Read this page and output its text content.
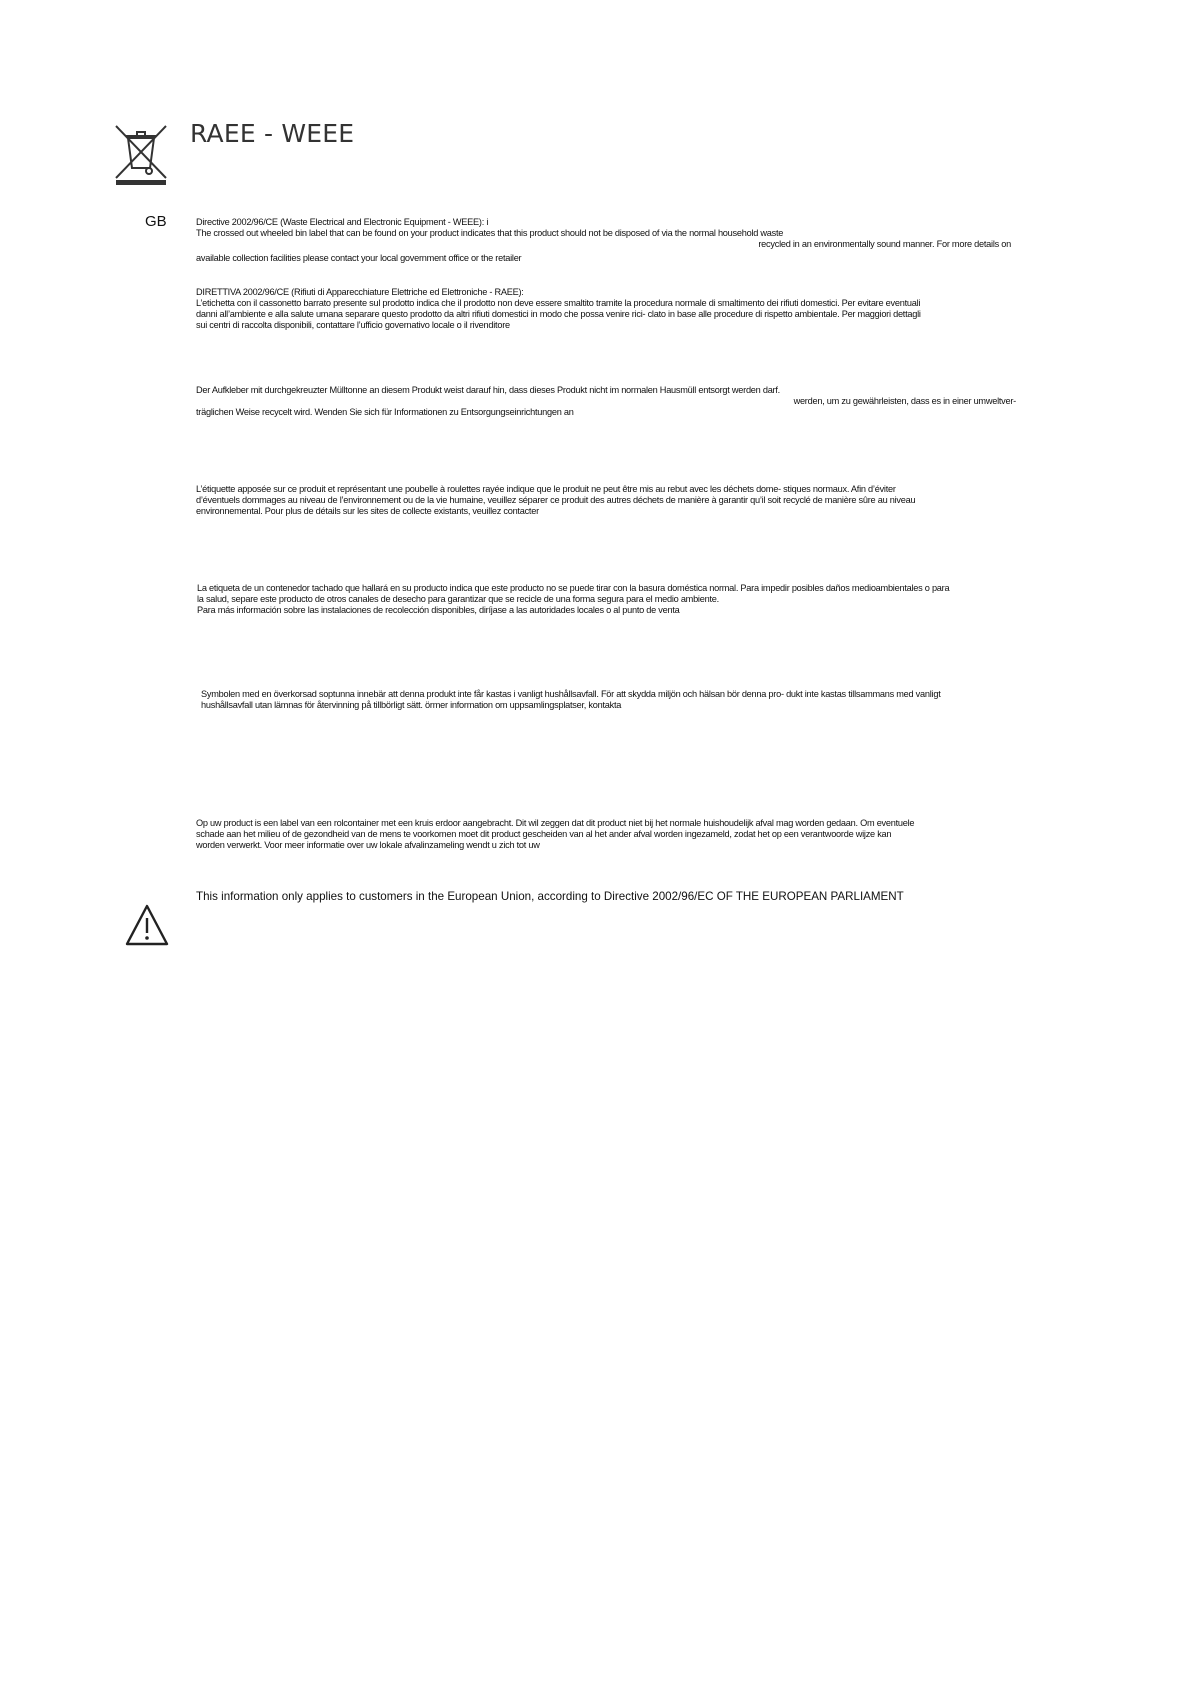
RAEE - WEEE
GB	Directive 2002/96/CE (Waste Electrical and Electronic Equipment - WEEE): i
The crossed out wheeled bin label that can be found on your product indicates that this product should not be disposed of via the normal household waste
recycled in an environmentally sound manner. For more details on
available collection facilities please contact your local government office or the retailer
DIRETTIVA 2002/96/CE (Rifiuti di Apparecchiature Elettriche ed Elettroniche - RAEE):
L’etichetta con il cassonetto barrato presente sul prodotto indica che il prodotto non deve essere smaltito tramite la procedura normale di smaltimento dei rifiuti domestici. Per evitare eventuali
danni all’ambiente e alla salute umana separare questo prodotto da altri rifiuti domestici in modo che possa venire rici- clato in base alle procedure di rispetto ambientale. Per maggiori dettagli
sui centri di raccolta disponibili, contattare l’ufficio governativo locale o il rivenditore
Der Aufkleber mit durchgekreuzter Mülltonne an diesem Produkt weist darauf hin, dass dieses Produkt nicht im normalen Hausmüll entsorgt werden darf.
werden, um zu gewährleisten, dass es in einer umweltver-
träglichen Weise recycelt wird. Wenden Sie sich für Informationen zu Entsorgungseinrichtungen an
L’étiquette apposée sur ce produit et représentant une poubelle à roulettes rayée indique que le produit ne peut être mis au rebut avec les déchets dome- stiques normaux. Afin d’éviter
d’éventuels dommages au niveau de l’environnement ou de la vie humaine, veuillez séparer ce produit des autres déchets de manière à garantir qu’il soit recyclé de manière sûre au niveau
environnemental. Pour plus de détails sur les sites de collecte existants, veuillez contacter
La etiqueta de un contenedor tachado que hallará en su producto indica que este producto no se puede tirar con la basura doméstica normal. Para impedir posibles daños medioambientales o para
la salud, separe este producto de otros canales de desecho para garantizar que se recicle de una forma segura para el medio ambiente.
Para más información sobre las instalaciones de recolección disponibles, diríjase a las autoridades locales o al punto de venta
Symbolen med en överkorsad soptunna innebär att denna produkt inte får kastas i vanligt hushållsavfall. För att skydda miljön och hälsan bör denna pro- dukt inte kastas tillsammans med vanligt
hushållsavfall utan lämnas för återvinning på tillbörligt sätt. örmer information om uppsamlingsplatser, kontakta
Op uw product is een label van een rolcontainer met een kruis erdoor aangebracht. Dit wil zeggen dat dit product niet bij het normale huishoudelijk afval mag worden gedaan. Om eventuele
schade aan het milieu of de gezondheid van de mens te voorkomen moet dit product gescheiden van al het ander afval worden ingezameld, zodat het op een verantwoorde wijze kan
worden verwerkt. Voor meer informatie over uw lokale afvalinzameling wendt u zich tot uw
This information only applies to customers in the European Union, according to Directive 2002/96/EC OF THE EUROPEAN PARLIAMENT
